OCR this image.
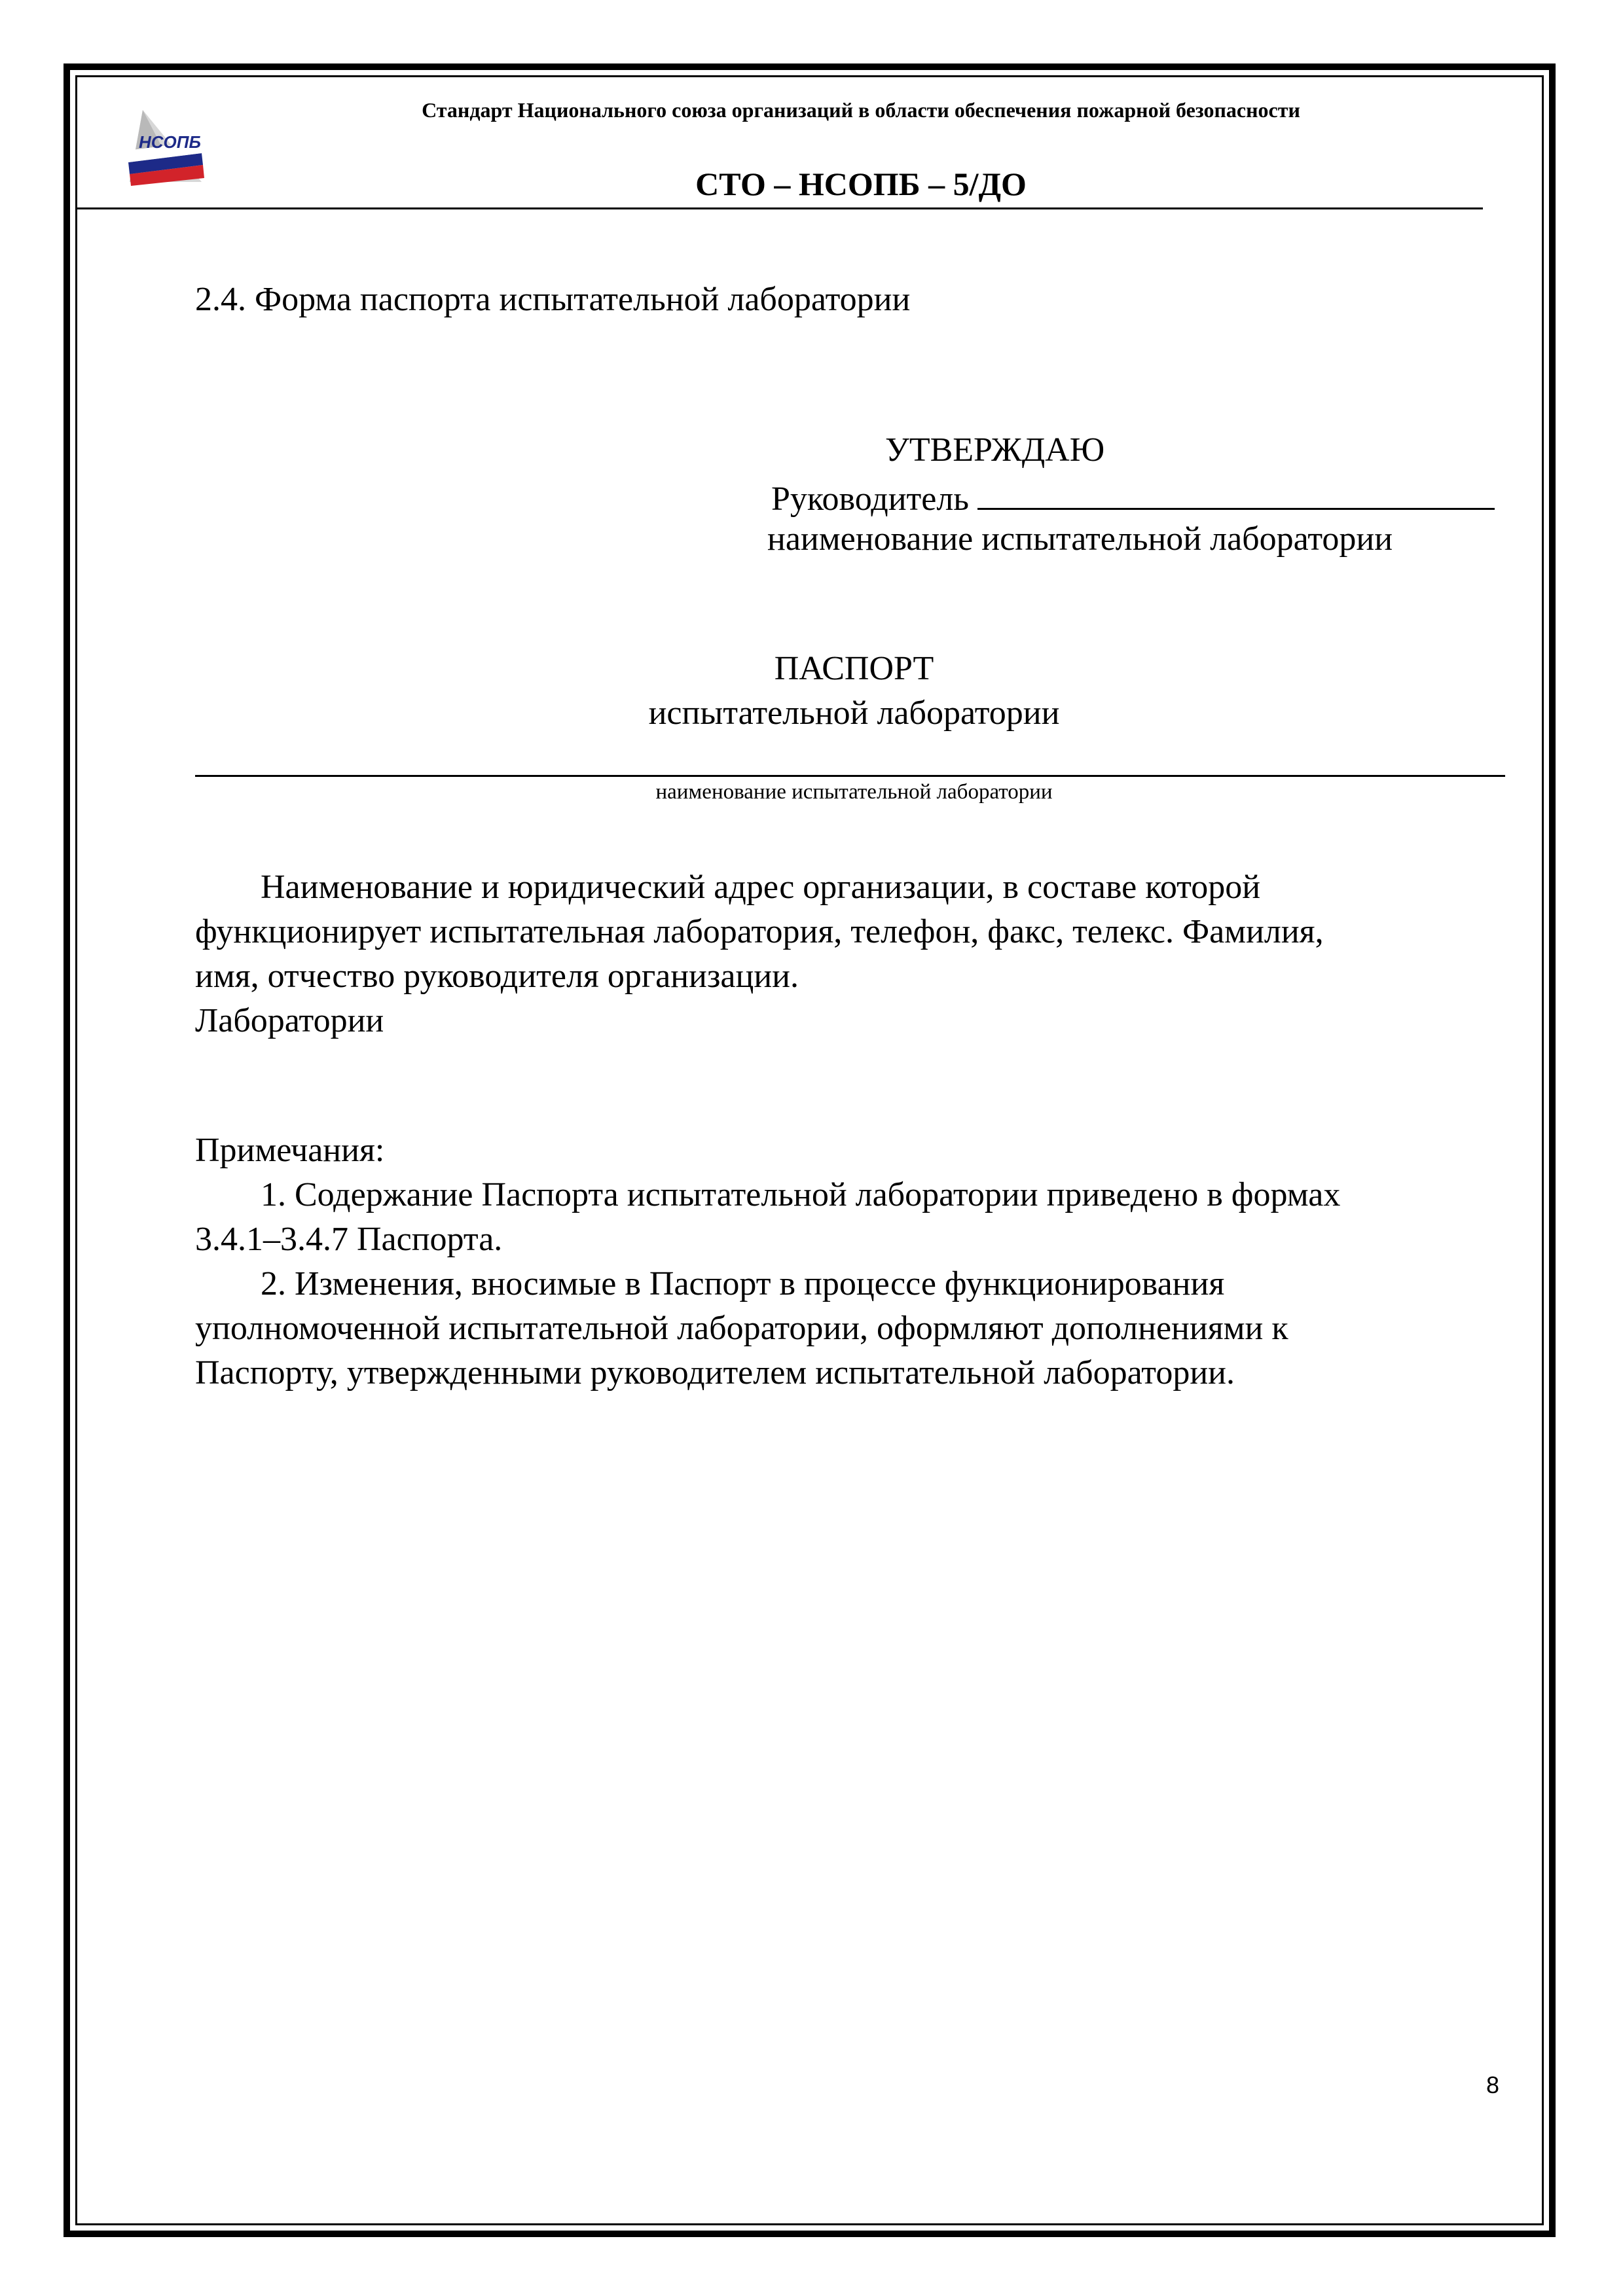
НСОПБ
Стандарт Национального союза организаций в области обеспечения пожарной безопасности
СТО – НСОПБ – 5/ДО
2.4. Форма паспорта испытательной лаборатории
УТВЕРЖДАЮ
Руководитель
наименование испытательной лаборатории
ПАСПОРТ
испытательной лаборатории
наименование испытательной лаборатории
Наименование и юридический адрес организации, в составе которой
функционирует испытательная лаборатория, телефон, факс, телекс. Фамилия,
имя, отчество руководителя организации.
Лаборатории
Примечания:
1. Содержание Паспорта испытательной лаборатории приведено в формах
3.4.1–3.4.7 Паспорта.
2. Изменения, вносимые в Паспорт в процессе функционирования
уполномоченной испытательной лаборатории, оформляют дополнениями к
Паспорту, утвержденными руководителем испытательной лаборатории.
8
